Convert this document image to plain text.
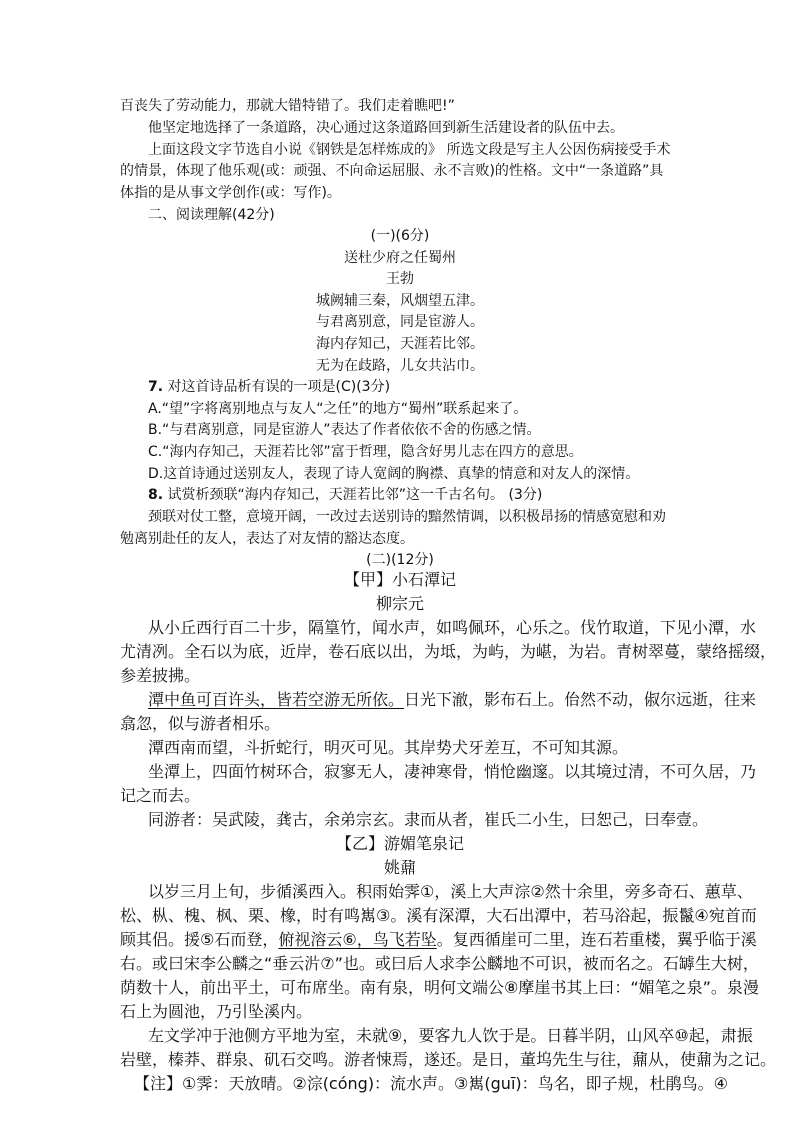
百丧失了劳动能力，那就大错特错了。我们走着瞧吧!”
他坚定地选择了一条道路，决心通过这条道路回到新生活建设者的队伍中去。
上面这段文字节选自小说《钢铁是怎样炼成的》 所选文段是写主人公因伤病接受手术
的情景，体现了他乐观(或：顽强、不向命运屈服、永不言败)的性格。文中“一条道路”具
体指的是从事文学创作(或：写作)。
二、阅读理解(42分)
(一)(6分)
送杜少府之任蜀州
王勃
城阙辅三秦，风烟望五津。
与君离别意，同是宦游人。
海内存知己，天涯若比邻。
无为在歧路，儿女共沾巾。
7. 对这首诗品析有误的一项是(C)(3分)
A.“望”字将离别地点与友人“之任”的地方“蜀州”联系起来了。
B.“与君离别意，同是宦游人”表达了作者依依不舍的伤感之情。
C.“海内存知己，天涯若比邻”富于哲理，隐含好男儿志在四方的意思。
D.这首诗通过送别友人，表现了诗人宽阔的胸襟、真挚的情意和对友人的深情。
8. 试赏析颈联“海内存知己，天涯若比邻”这一千古名句。 (3分)
颈联对仗工整，意境开阔，一改过去送别诗的黯然情调，以积极昂扬的情感宽慰和劝
勉离别赴任的友人，表达了对友情的豁达态度。
(二)(12分)
【甲】小石潭记
柳宗元
从小丘西行百二十步，隔篁竹，闻水声，如鸣佩环，心乐之。伐竹取道，下见小潭，水
尤清冽。全石以为底，近岸，卷石底以出，为坻，为屿，为嵁，为岩。青树翠蔓，蒙络摇缀，
参差披拂。
潭中鱼可百许头，皆若空游无所依。日光下澈，影布石上。佁然不动，俶尔远逝，往来
翕忽，似与游者相乐。
潭西南而望，斗折蛇行，明灭可见。其岸势犬牙差互，不可知其源。
坐潭上，四面竹树环合，寂寥无人，凄神寒骨，悄怆幽邃。以其境过清，不可久居，乃
记之而去。
同游者：吴武陵，龚古，余弟宗玄。隶而从者，崔氏二小生，曰恕己，曰奉壹。
【乙】游媚笔泉记
姚鼐
以岁三月上旬，步循溪西入。积雨始霁①，溪上大声淙②然十余里，旁多奇石、蕙草、
松、枞、槐、枫、栗、橡，时有鸣嶲③。溪有深潭，大石出潭中，若马浴起，振鬣④宛首而
顾其侣。援⑤石而登，俯视溶云⑥，鸟飞若坠。复西循崖可二里，连石若重楼，翼乎临于溪
右。或曰宋李公麟之“垂云沜⑦”也。或曰后人求李公麟地不可识，被而名之。石罅生大树，
荫数十人，前出平土，可布席坐。南有泉，明何文端公⑧摩崖书其上曰：“媚笔之泉”。泉漫
石上为圆池，乃引坠溪内。
左文学冲于池侧方平地为室，未就⑨，要客九人饮于是。日暮半阴，山风卒⑩起，肃振
岩壁，榛莽、群泉、矶石交鸣。游者悚焉，遂还。是日，董坞先生与往，鼐从，使鼐为之记。
【注】①霁：天放晴。②淙(cóng)：流水声。③嶲(guī)：鸟名，即子规，杜鹃鸟。④
